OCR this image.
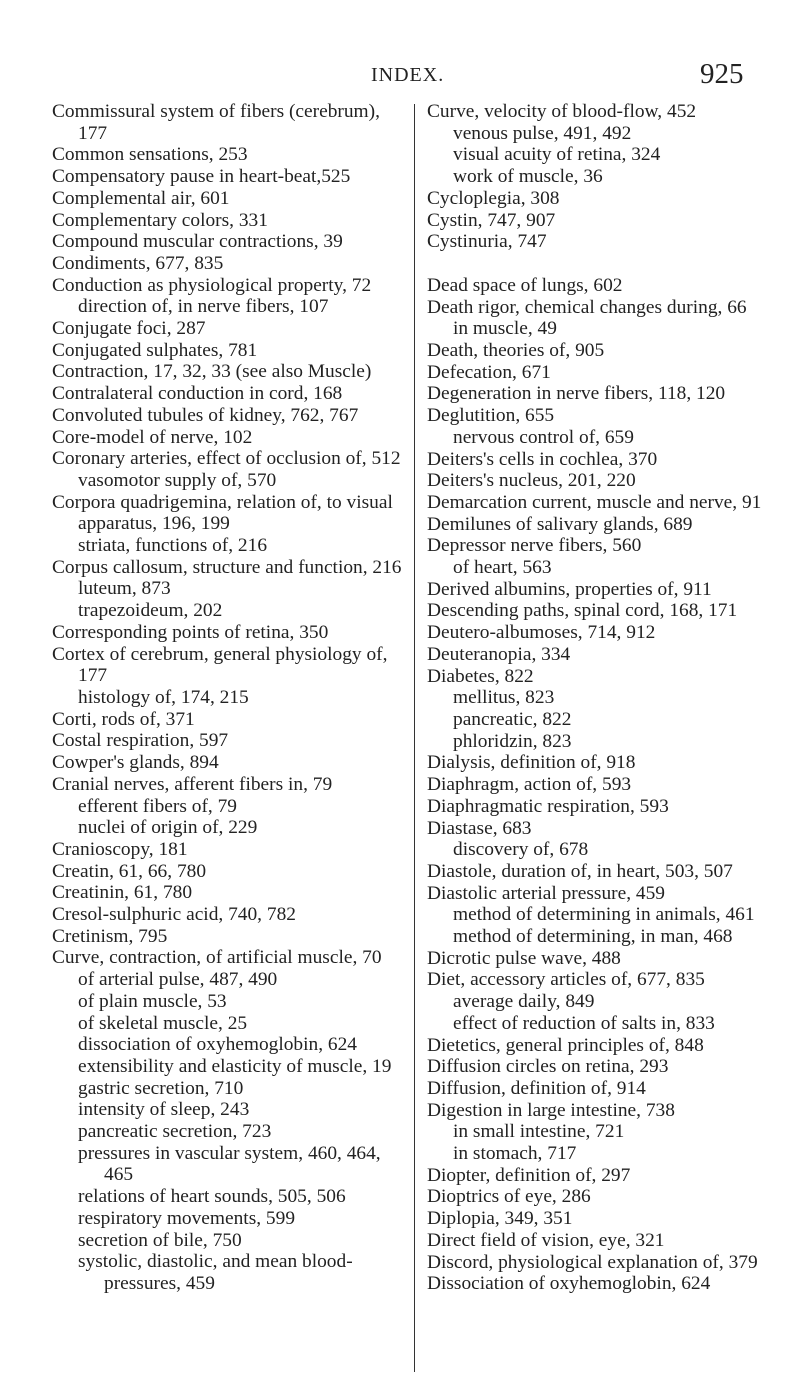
INDEX.	925
Commissural system of fibers (cerebrum), 177
Common sensations, 253
Compensatory pause in heart-beat,525
Complemental air, 601
Complementary colors, 331
Compound muscular contractions, 39
Condiments, 677, 835
Conduction as physiological property, 72
direction of, in nerve fibers, 107
Conjugate foci, 287
Conjugated sulphates, 781
Contraction, 17, 32, 33 (see also Muscle)
Contralateral conduction in cord, 168
Convoluted tubules of kidney, 762, 767
Core-model of nerve, 102
Coronary arteries, effect of occlusion of, 512
vasomotor supply of, 570
Corpora quadrigemina, relation of, to visual apparatus, 196, 199
striata, functions of, 216
Corpus callosum, structure and function, 216
luteum, 873
trapezoideum, 202
Corresponding points of retina, 350
Cortex of cerebrum, general physiology of, 177
histology of, 174, 215
Corti, rods of, 371
Costal respiration, 597
Cowper's glands, 894
Cranial nerves, afferent fibers in, 79
efferent fibers of, 79
nuclei of origin of, 229
Cranioscopy, 181
Creatin, 61, 66, 780
Creatinin, 61, 780
Cresol-sulphuric acid, 740, 782
Cretinism, 795
Curve, contraction, of artificial muscle, 70
of arterial pulse, 487, 490
of plain muscle, 53
of skeletal muscle, 25
dissociation of oxyhemoglobin, 624
extensibility and elasticity of muscle, 19
gastric secretion, 710
intensity of sleep, 243
pancreatic secretion, 723
pressures in vascular system, 460, 464, 465
relations of heart sounds, 505, 506
respiratory movements, 599
secretion of bile, 750
systolic, diastolic, and mean blood-pressures, 459
Curve, velocity of blood-flow, 452
venous pulse, 491, 492
visual acuity of retina, 324
work of muscle, 36
Cycloplegia, 308
Cystin, 747, 907
Cystinuria, 747
Dead space of lungs, 602
Death rigor, chemical changes during, 66
in muscle, 49
Death, theories of, 905
Defecation, 671
Degeneration in nerve fibers, 118, 120
Deglutition, 655
nervous control of, 659
Deiters's cells in cochlea, 370
Deiters's nucleus, 201, 220
Demarcation current, muscle and nerve, 91
Demilunes of salivary glands, 689
Depressor nerve fibers, 560
of heart, 563
Derived albumins, properties of, 911
Descending paths, spinal cord, 168, 171
Deutero-albumoses, 714, 912
Deuteranopia, 334
Diabetes, 822
mellitus, 823
pancreatic, 822
phloridzin, 823
Dialysis, definition of, 918
Diaphragm, action of, 593
Diaphragmatic respiration, 593
Diastase, 683
discovery of, 678
Diastole, duration of, in heart, 503, 507
Diastolic arterial pressure, 459
method of determining in animals, 461
method of determining, in man, 468
Dicrotic pulse wave, 488
Diet, accessory articles of, 677, 835
average daily, 849
effect of reduction of salts in, 833
Dietetics, general principles of, 848
Diffusion circles on retina, 293
Diffusion, definition of, 914
Digestion in large intestine, 738
in small intestine, 721
in stomach, 717
Diopter, definition of, 297
Dioptrics of eye, 286
Diplopia, 349, 351
Direct field of vision, eye, 321
Discord, physiological explanation of, 379
Dissociation of oxyhemoglobin, 624
